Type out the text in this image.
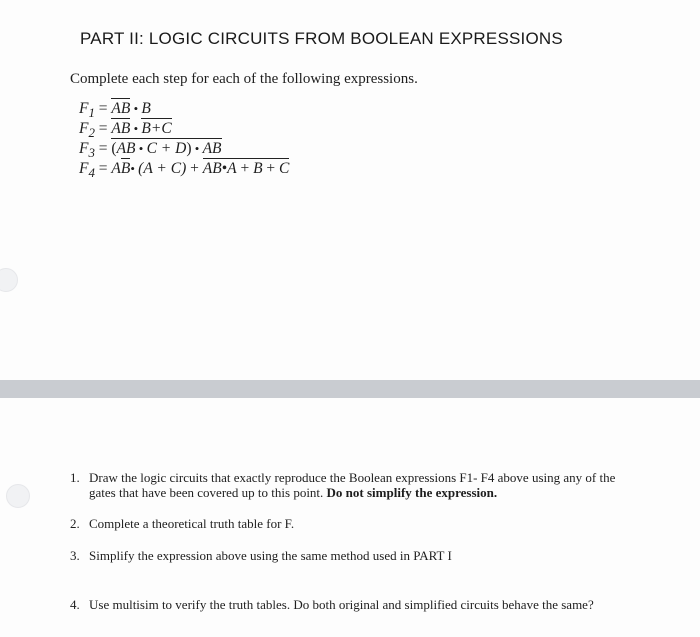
PART II: LOGIC CIRCUITS FROM BOOLEAN EXPRESSIONS

Complete each step for each of the following expressions.

$F_1$ = AB • B
$F_2$ = AB • B+C
$F_3 = (AB$ • C + D) • AB
$F_4$ = AB• (A + C) + AB•A + B + C
1. Draw the logic circuits that exactly reproduce the Boolean expressions F1- F4 above using any of the gates that have been covered up to this point. Do not simplify the expression.
2. Complete a theoretical truth table for F.
3. Simplify the expression above using the same method used in PART I
4. Use multisim to verify the truth tables. Do both original and simplified circuits behave the same?
